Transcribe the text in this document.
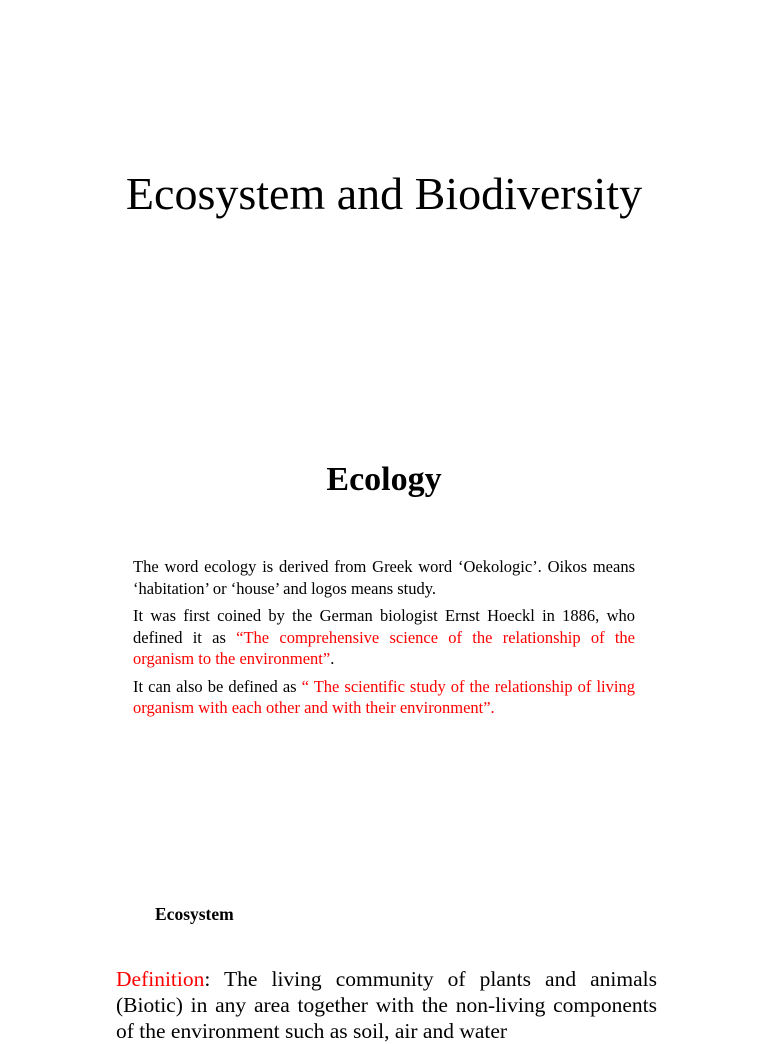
Ecosystem and Biodiversity
Ecology

The word ecology is derived from Greek word ‘Oekologic’. Oikos means ‘habitation’ or ‘house’ and logos means study.

It was first coined by the German biologist Ernst Hoeckl in 1886, who defined it as “The comprehensive science of the relationship of the organism to the environment”.

It can also be defined as “ The scientific study of the relationship of living organism with each other and with their environment”.

Ecosystem

Definition: The living community of plants and animals (Biotic) in any area together with the non-living components of the environment such as soil, air and water
